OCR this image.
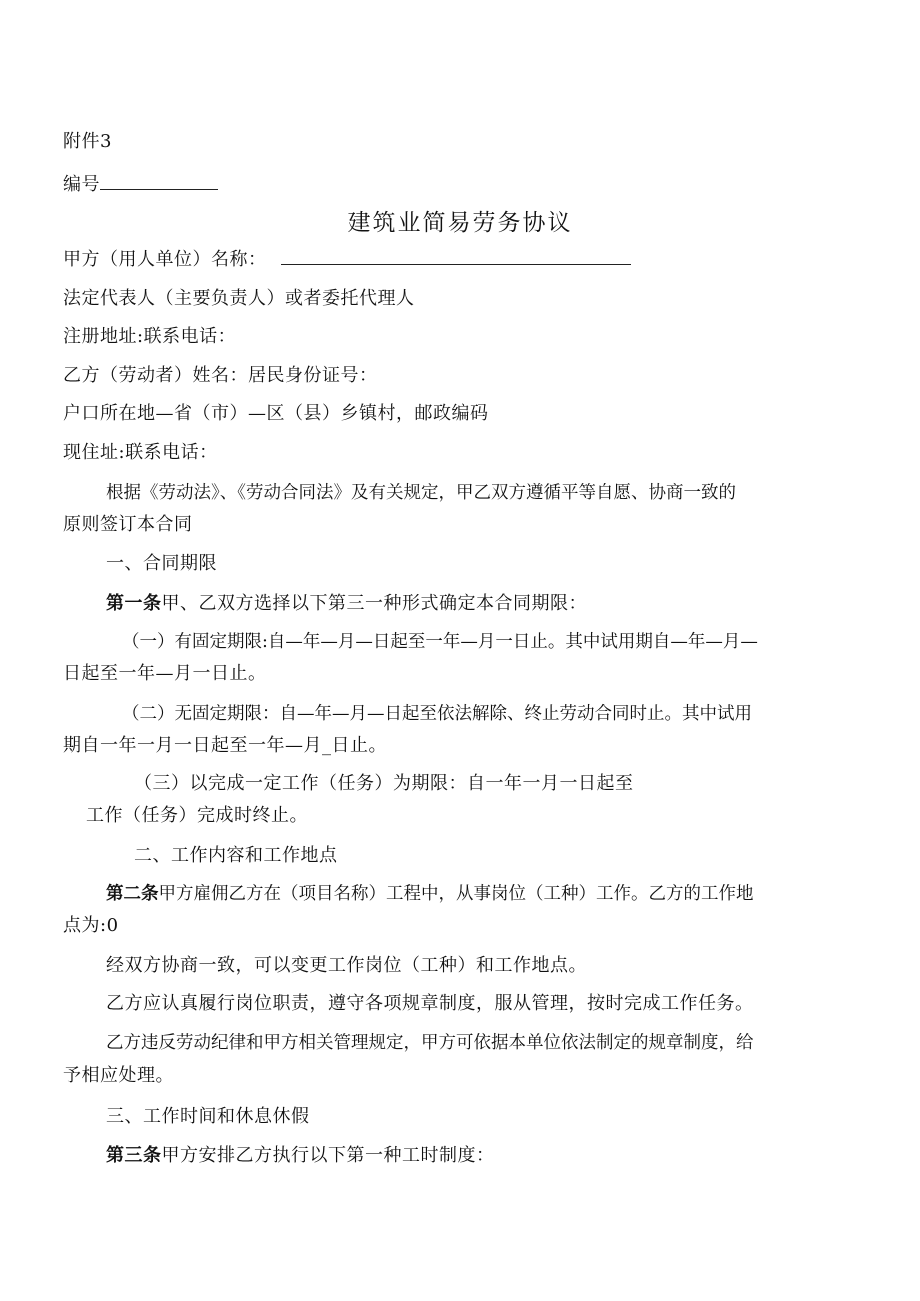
附件3
编号
建筑业简易劳务协议
甲方（用人单位）名称：
法定代表人（主要负责人）或者委托代理人
注册地址:联系电话：
乙方（劳动者）姓名：居民身份证号：
户口所在地—省（市）—区（县）乡镇村，邮政编码
现住址:联系电话：
根据《劳动法》、《劳动合同法》及有关规定，甲乙双方遵循平等自愿、协商一致的
原则签订本合同
一、合同期限
第一条甲、乙双方选择以下第三一种形式确定本合同期限：
（一）有固定期限:自—年—月—日起至一年—月一日止。其中试用期自—年—月—
日起至一年—月一日止。
（二）无固定期限：自—年—月—日起至依法解除、终止劳动合同时止。其中试用
期自一年一月一日起至一年—月_日止。
（三）以完成一定工作（任务）为期限：自一年一月一日起至
工作（任务）完成时终止。
二、工作内容和工作地点
第二条甲方雇佣乙方在（项目名称）工程中，从事岗位（工种）工作。乙方的工作地
点为:0
经双方协商一致，可以变更工作岗位（工种）和工作地点。
乙方应认真履行岗位职责，遵守各项规章制度，服从管理，按时完成工作任务。
乙方违反劳动纪律和甲方相关管理规定，甲方可依据本单位依法制定的规章制度，给
予相应处理。
三、工作时间和休息休假
第三条甲方安排乙方执行以下第一种工时制度：
